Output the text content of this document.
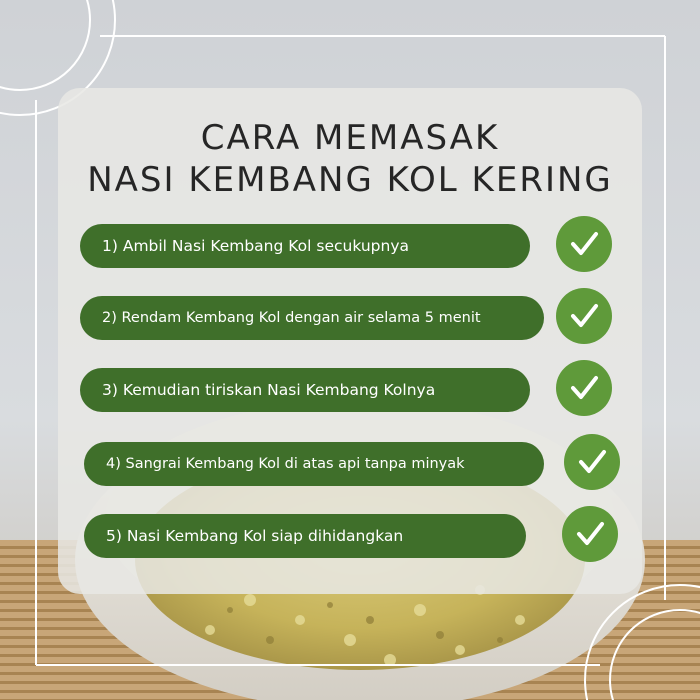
CARA MEMASAK
NASI KEMBANG KOL KERING
1) Ambil Nasi Kembang Kol secukupnya
2) Rendam Kembang Kol dengan air selama 5 menit
3) Kemudian tiriskan Nasi Kembang Kolnya
4) Sangrai Kembang Kol di atas api tanpa minyak
5) Nasi Kembang Kol siap dihidangkan
